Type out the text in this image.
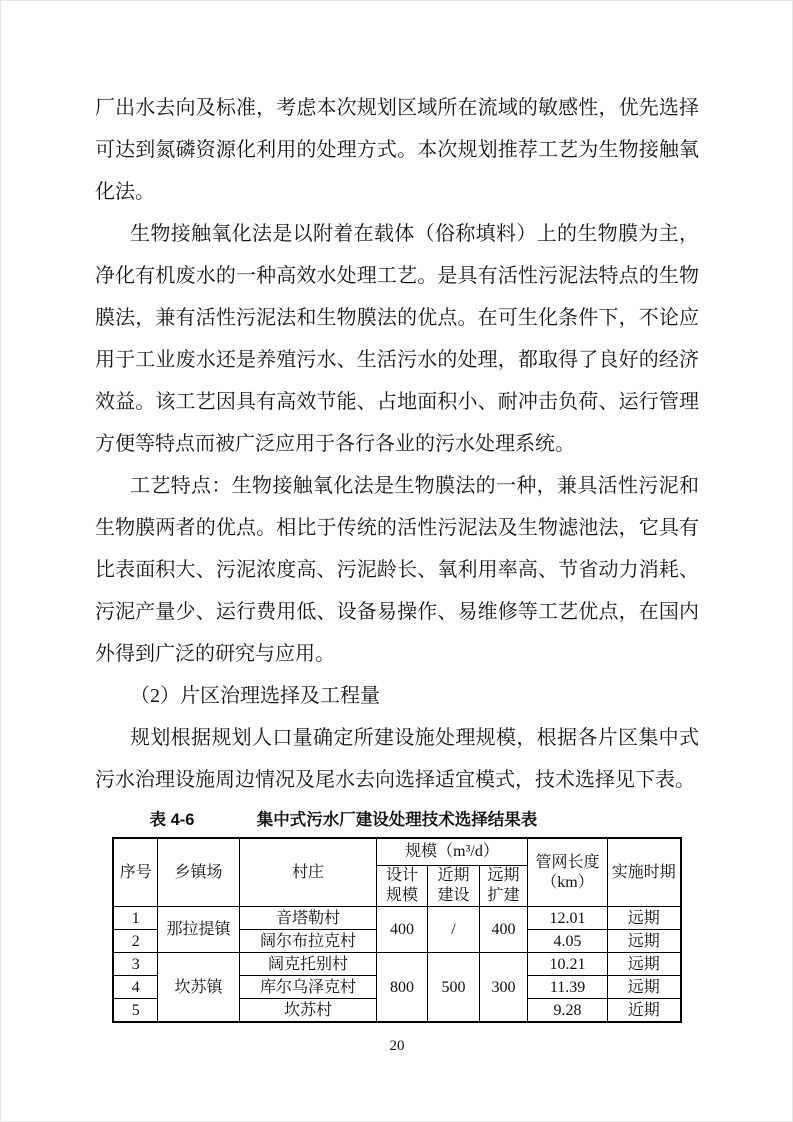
厂出水去向及标准，考虑本次规划区域所在流域的敏感性，优先选择可达到氮磷资源化利用的处理方式。本次规划推荐工艺为生物接触氧化法。

生物接触氧化法是以附着在载体（俗称填料）上的生物膜为主，净化有机废水的一种高效水处理工艺。是具有活性污泥法特点的生物膜法，兼有活性污泥法和生物膜法的优点。在可生化条件下，不论应用于工业废水还是养殖污水、生活污水的处理，都取得了良好的经济效益。该工艺因具有高效节能、占地面积小、耐冲击负荷、运行管理方便等特点而被广泛应用于各行各业的污水处理系统。

工艺特点：生物接触氧化法是生物膜法的一种，兼具活性污泥和生物膜两者的优点。相比于传统的活性污泥法及生物滤池法，它具有比表面积大、污泥浓度高、污泥龄长、氧利用率高、节省动力消耗、污泥产量少、运行费用低、设备易操作、易维修等工艺优点，在国内外得到广泛的研究与应用。

（2）片区治理选择及工程量

规划根据规划人口量确定所建设施处理规模，根据各片区集中式污水治理设施周边情况及尾水去向选择适宜模式，技术选择见下表。

表 4-6	集中式污水厂建设处理技术选择结果表
序号	乡镇场	村庄	规模（m³/d）			管网长度（km）	实施时期
			设计规模	近期建设	远期扩建		
1	那拉提镇	音塔勒村	400	/	400	12.01	远期
2		阔尔布拉克村				4.05	远期
3	坎苏镇	阔克托别村	800	500	300	10.21	远期
4		库尔乌泽克村				11.39	远期
5		坎苏村				9.28	近期
20
